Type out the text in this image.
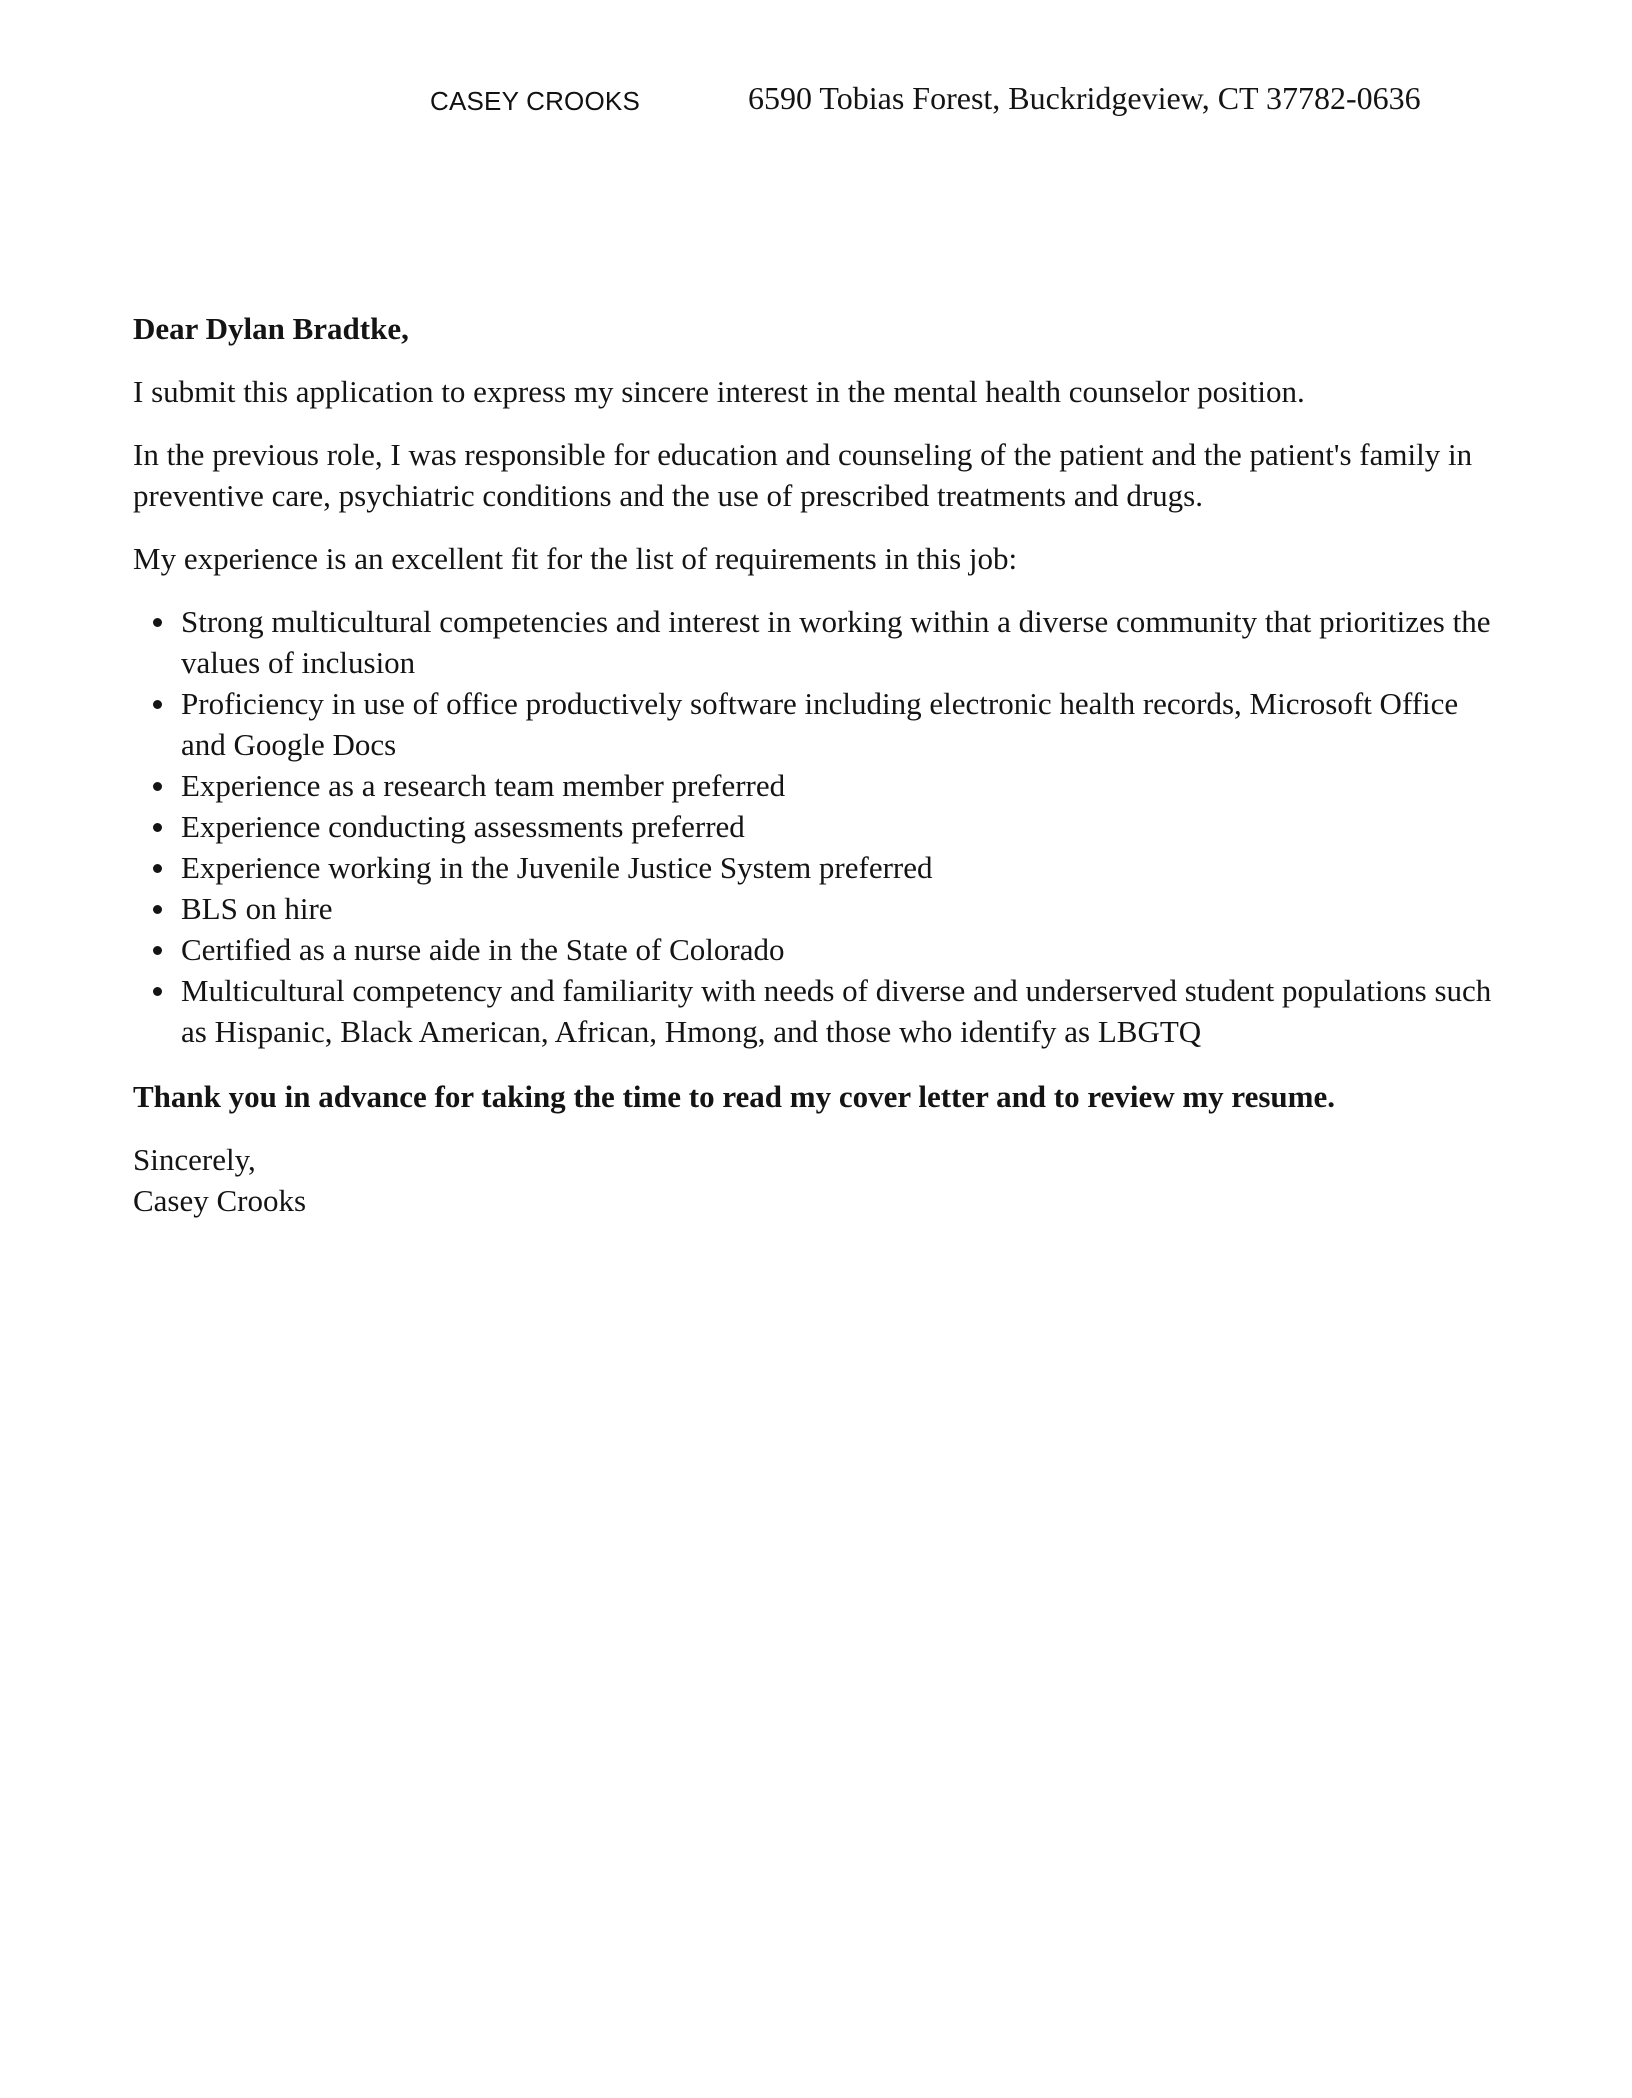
CASEY CROOKS	6590 Tobias Forest, Buckridgeview, CT 37782-0636

Dear Dylan Bradtke,

I submit this application to express my sincere interest in the mental health counselor position.

In the previous role, I was responsible for education and counseling of the patient and the patient's family in preventive care, psychiatric conditions and the use of prescribed treatments and drugs.

My experience is an excellent fit for the list of requirements in this job:

Strong multicultural competencies and interest in working within a diverse community that prioritizes the values of inclusion
Proficiency in use of office productively software including electronic health records, Microsoft Office and Google Docs
Experience as a research team member preferred
Experience conducting assessments preferred
Experience working in the Juvenile Justice System preferred
BLS on hire
Certified as a nurse aide in the State of Colorado
Multicultural competency and familiarity with needs of diverse and underserved student populations such as Hispanic, Black American, African, Hmong, and those who identify as LBGTQ

Thank you in advance for taking the time to read my cover letter and to review my resume.

Sincerely,

Casey Crooks
